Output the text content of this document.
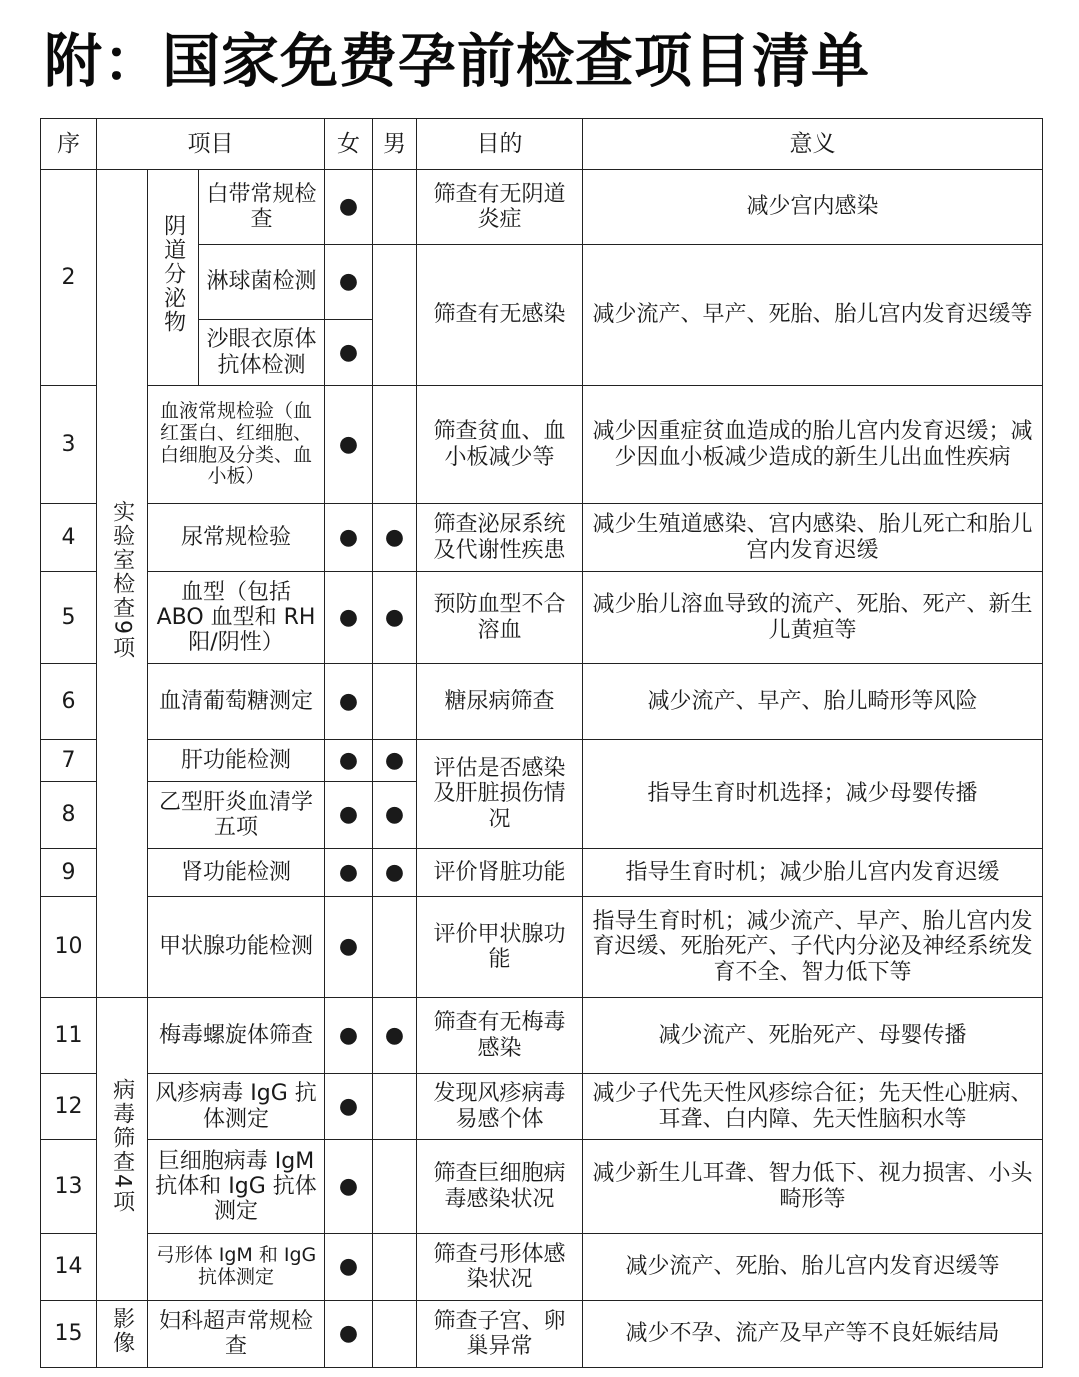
附：国家免费孕前检查项目清单
序	项目			女	男	目的	意义
2	实验室检查9项	阴道分泌物	白带常规检查	●		筛查有无阴道炎症	减少宫内感染
			淋球菌检测	●		筛查有无感染	减少流产、早产、死胎、胎儿宫内发育迟缓等
			沙眼衣原体抗体检测	●			
3		血液常规检验（血红蛋白、红细胞、白细胞及分类、血小板）		●		筛查贫血、血小板减少等	减少因重症贫血造成的胎儿宫内发育迟缓；减少因血小板减少造成的新生儿出血性疾病
4		尿常规检验		●	●	筛查泌尿系统及代谢性疾患	减少生殖道感染、宫内感染、胎儿死亡和胎儿宫内发育迟缓
5		血型（包括 ABO 血型和 RH 阳/阴性）		●	●	预防血型不合溶血	减少胎儿溶血导致的流产、死胎、死产、新生儿黄疸等
6		血清葡萄糖测定		●		糖尿病筛查	减少流产、早产、胎儿畸形等风险
7		肝功能检测		●	●	评估是否感染及肝脏损伤情况	指导生育时机选择；减少母婴传播
8		乙型肝炎血清学五项		●	●		
9		肾功能检测		●	●	评价肾脏功能	指导生育时机；减少胎儿宫内发育迟缓
10		甲状腺功能检测		●		评价甲状腺功能	指导生育时机；减少流产、早产、胎儿宫内发育迟缓、死胎死产、子代内分泌及神经系统发育不全、智力低下等
11	病毒筛查4项	梅毒螺旋体筛查		●	●	筛查有无梅毒感染	减少流产、死胎死产、母婴传播
12		风疹病毒 IgG 抗体测定		●		发现风疹病毒易感个体	减少子代先天性风疹综合征；先天性心脏病、耳聋、白内障、先天性脑积水等
13		巨细胞病毒 IgM 抗体和 IgG 抗体测定		●		筛查巨细胞病毒感染状况	减少新生儿耳聋、智力低下、视力损害、小头畸形等
14		弓形体 IgM 和 IgG 抗体测定		●		筛查弓形体感染状况	减少流产、死胎、胎儿宫内发育迟缓等
15	影像	妇科超声常规检查		●		筛查子宫、卵巢异常	减少不孕、流产及早产等不良妊娠结局
